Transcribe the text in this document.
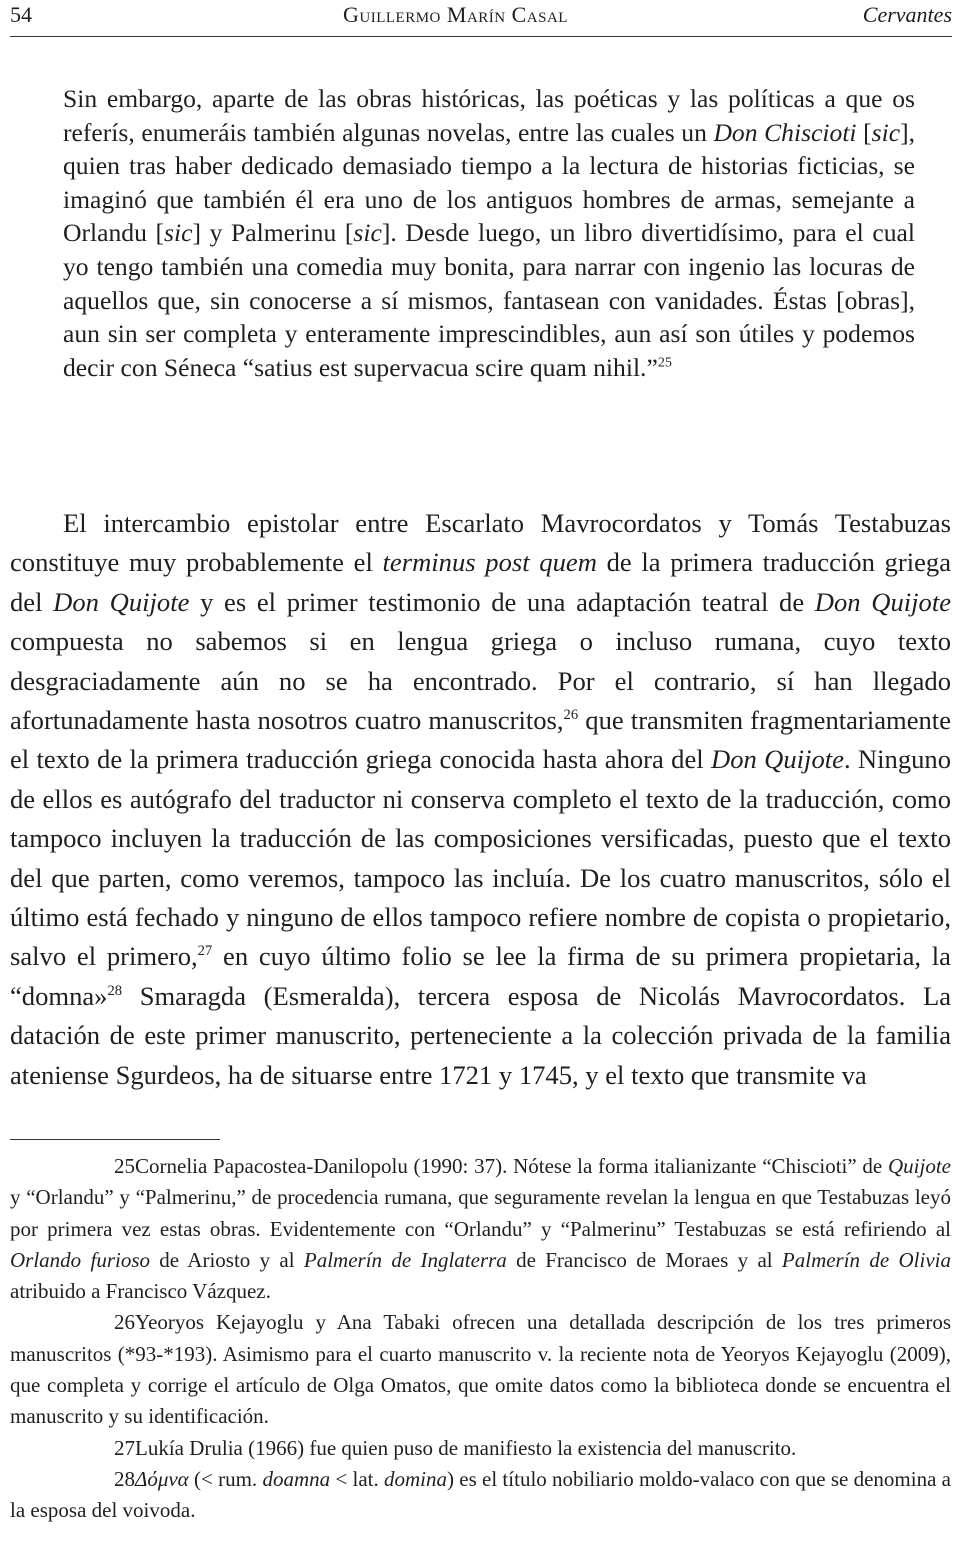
54	Guillermo Marín Casal	Cervantes

Sin embargo, aparte de las obras históricas, las poéticas y las políticas a que os referís, enumeráis también algunas novelas, entre las cuales un Don Chiscioti [sic], quien tras haber dedicado demasiado tiempo a la lectura de historias ficticias, se imaginó que también él era uno de los antiguos hombres de armas, semejante a Orlandu [sic] y Palmerinu [sic]. Desde luego, un libro divertidísimo, para el cual yo tengo también una comedia muy bonita, para narrar con ingenio las locuras de aquellos que, sin conocerse a sí mismos, fantasean con vanidades. Éstas [obras], aun sin ser completa y enteramente imprescindibles, aun así son útiles y podemos decir con Séneca “satius est supervacua scire quam nihil.”$^{25}$

El intercambio epistolar entre Escarlato Mavrocordatos y Tomás Testabuzas constituye muy probablemente el terminus post quem de la primera traducción griega del Don Quijote y es el primer testimonio de una adaptación teatral de Don Quijote compuesta no sabemos si en lengua griega o incluso rumana, cuyo texto desgraciadamente aún no se ha encontrado. Por el contrario, sí han llegado afortunadamente hasta nosotros cuatro manuscritos,$^{26}$ que transmiten fragmentariamente el texto de la primera traducción griega conocida hasta ahora del Don Quijote. Ninguno de ellos es autógrafo del traductor ni conserva completo el texto de la traducción, como tampoco incluyen la traducción de las composiciones versificadas, puesto que el texto del que parten, como veremos, tampoco las incluía. De los cuatro manuscritos, sólo el último está fechado y ninguno de ellos tampoco refiere nombre de copista o propietario, salvo el primero,$^{27}$ en cuyo último folio se lee la firma de su primera propietaria, la “domna»$^{28}$ Smaragda (Esmeralda), tercera esposa de Nicolás Mavrocordatos. La datación de este primer manuscrito, perteneciente a la colección privada de la familia ateniense Sgurdeos, ha de situarse entre 1721 y 1745, y el texto que transmite va

25Cornelia Papacostea-Danilopolu (1990: 37). Nótese la forma italianizante “Chiscioti” de Quijote y “Orlandu” y “Palmerinu,” de procedencia rumana, que seguramente revelan la lengua en que Testabuzas leyó por primera vez estas obras. Evidentemente con “Orlandu” y “Palmerinu” Testabuzas se está refiriendo al Orlando furioso de Ariosto y al Palmerín de Inglaterra de Francisco de Moraes y al Palmerín de Olivia atribuido a Francisco Vázquez.

26Yeoryos Kejayoglu y Ana Tabaki ofrecen una detallada descripción de los tres primeros manuscritos (*93-*193). Asimismo para el cuarto manuscrito v. la reciente nota de Yeoryos Kejayoglu (2009), que completa y corrige el artículo de Olga Omatos, que omite datos como la biblioteca donde se encuentra el manuscrito y su identificación.

27Lukía Drulia (1966) fue quien puso de manifiesto la existencia del manuscrito.

28Δόμνα (< rum. doamna < lat. domina) es el título nobiliario moldo-valaco con que se denomina a la esposa del voivoda.
